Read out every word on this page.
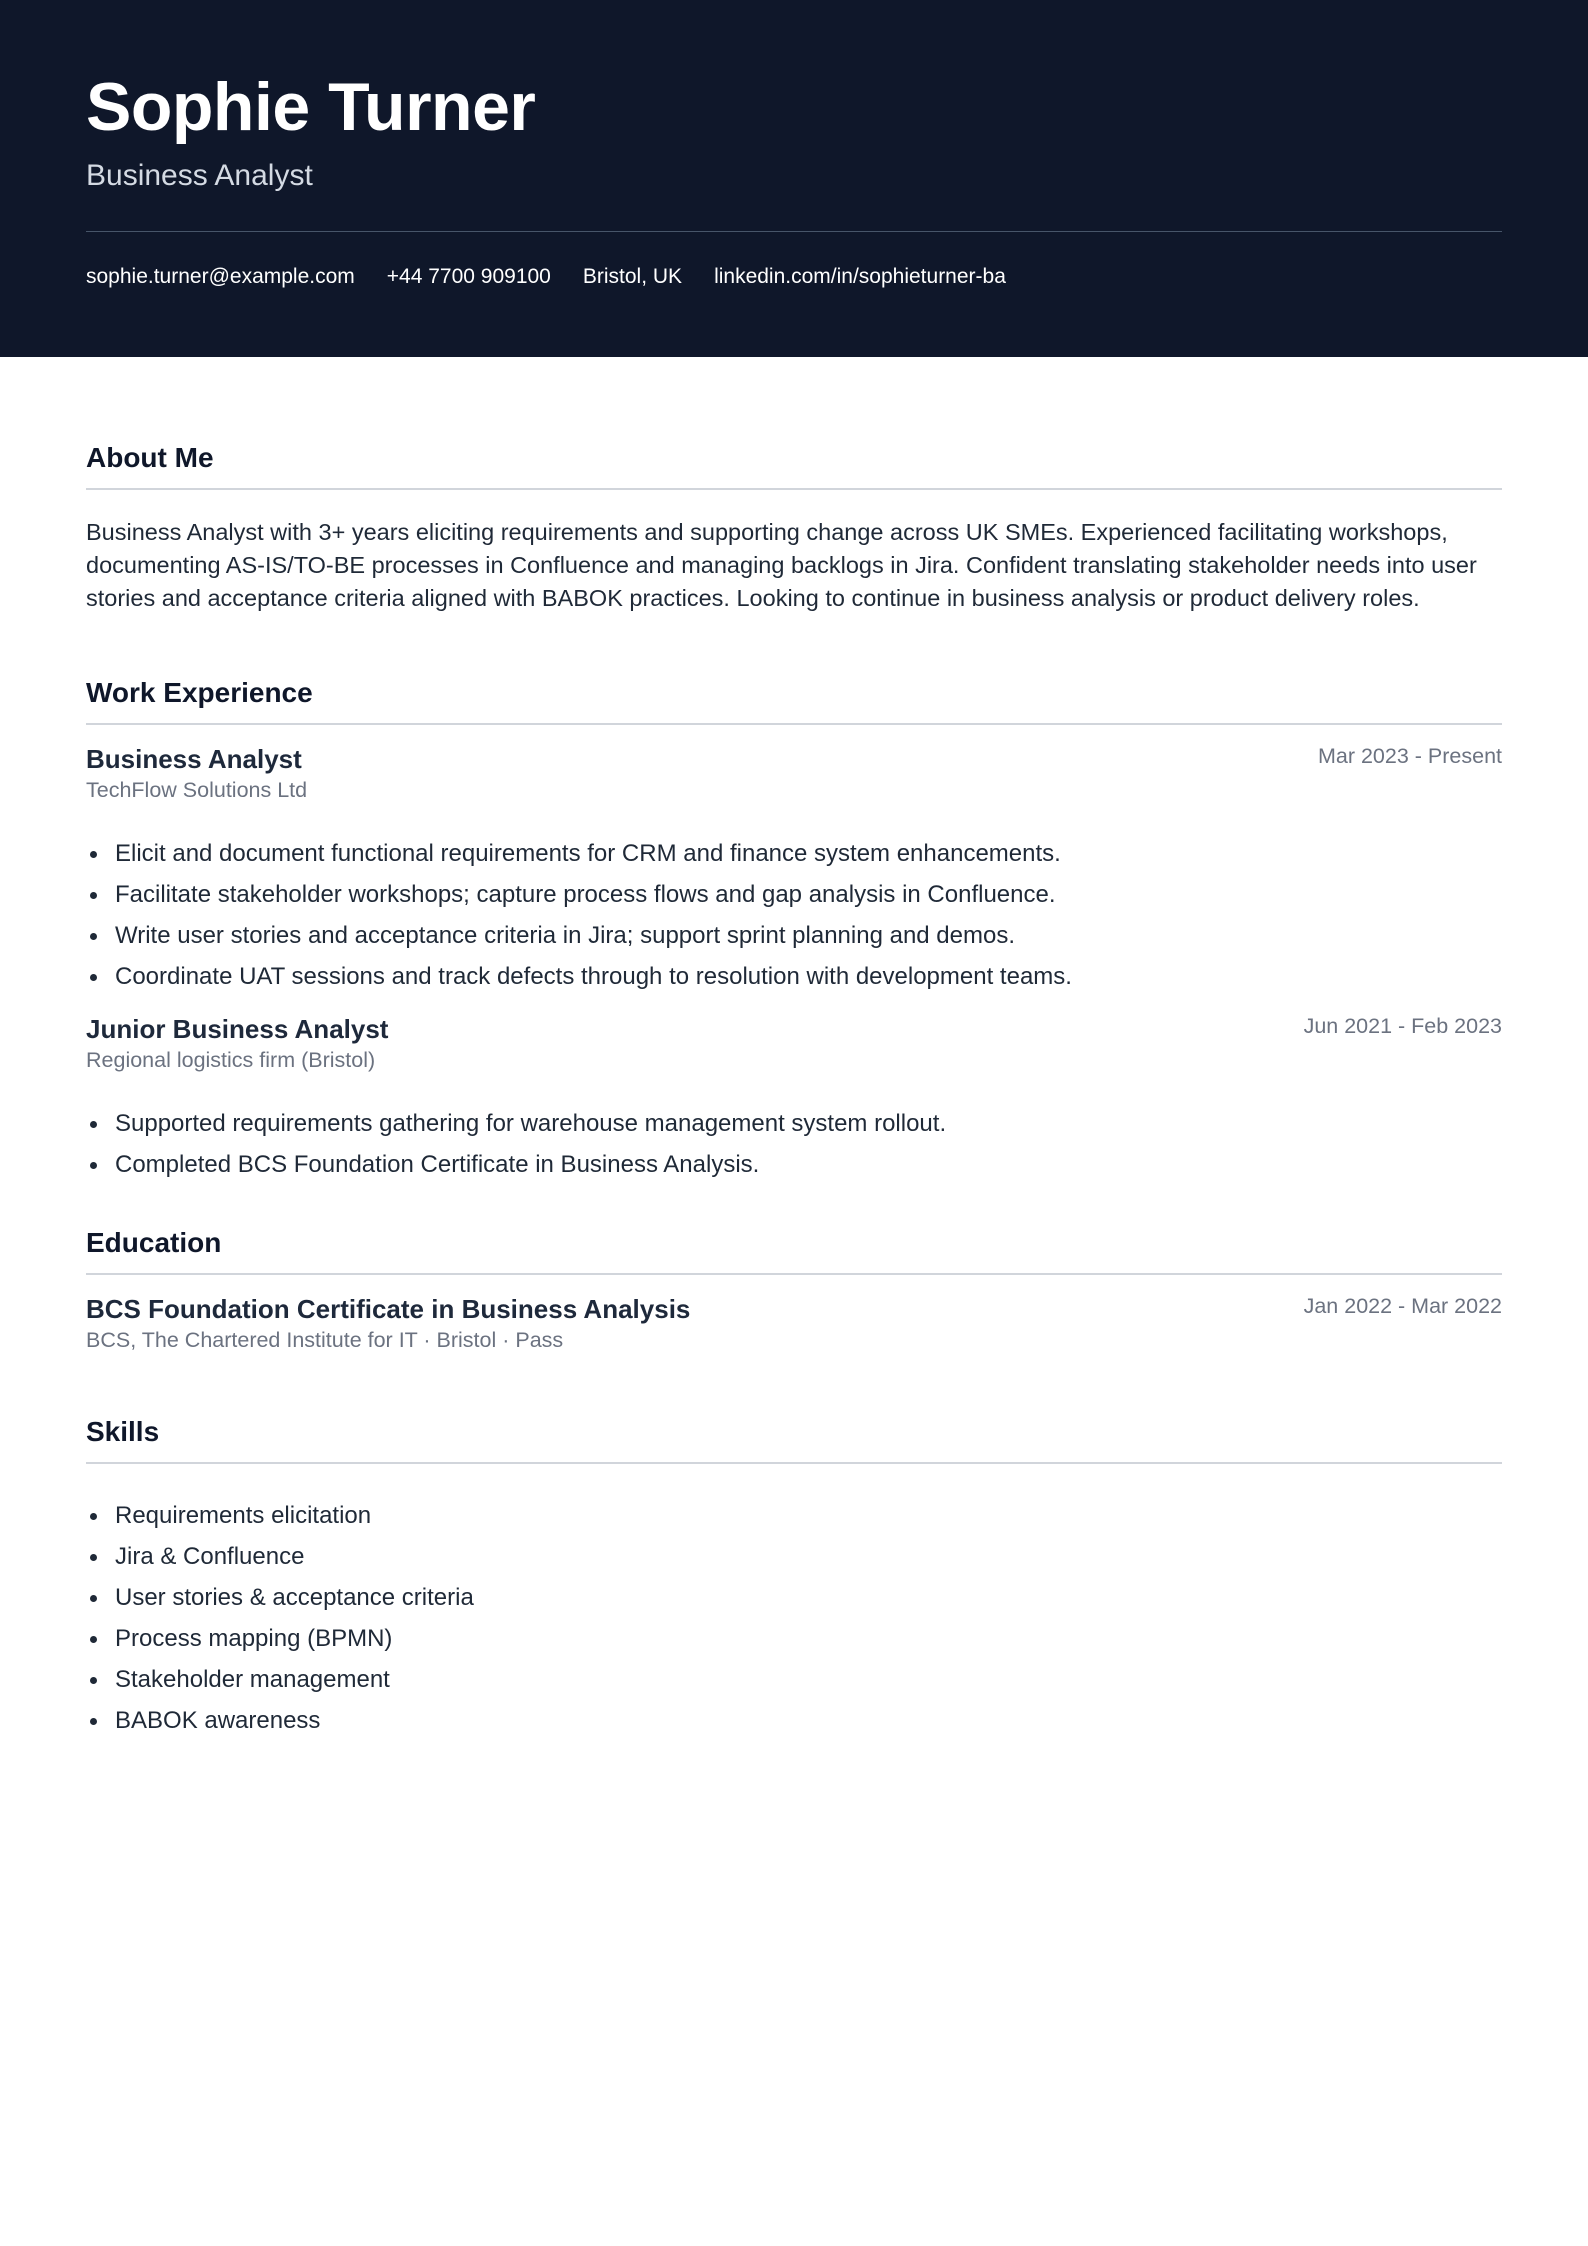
Sophie Turner
Business Analyst
sophie.turner@example.com +44 7700 909100 Bristol, UK linkedin.com/in/sophieturner-ba
About Me
Business Analyst with 3+ years eliciting requirements and supporting change across UK SMEs. Experienced facilitating workshops, documenting AS-IS/TO-BE processes in Confluence and managing backlogs in Jira. Confident translating stakeholder needs into user stories and acceptance criteria aligned with BABOK practices. Looking to continue in business analysis or product delivery roles.
Work Experience
Business Analyst	Mar 2023 - Present
TechFlow Solutions Ltd
Elicit and document functional requirements for CRM and finance system enhancements.
Facilitate stakeholder workshops; capture process flows and gap analysis in Confluence.
Write user stories and acceptance criteria in Jira; support sprint planning and demos.
Coordinate UAT sessions and track defects through to resolution with development teams.
Junior Business Analyst	Jun 2021 - Feb 2023
Regional logistics firm (Bristol)
Supported requirements gathering for warehouse management system rollout.
Completed BCS Foundation Certificate in Business Analysis.
Education
BCS Foundation Certificate in Business Analysis	Jan 2022 - Mar 2022
BCS, The Chartered Institute for IT · Bristol · Pass
Skills
Requirements elicitation
Jira & Confluence
User stories & acceptance criteria
Process mapping (BPMN)
Stakeholder management
BABOK awareness
